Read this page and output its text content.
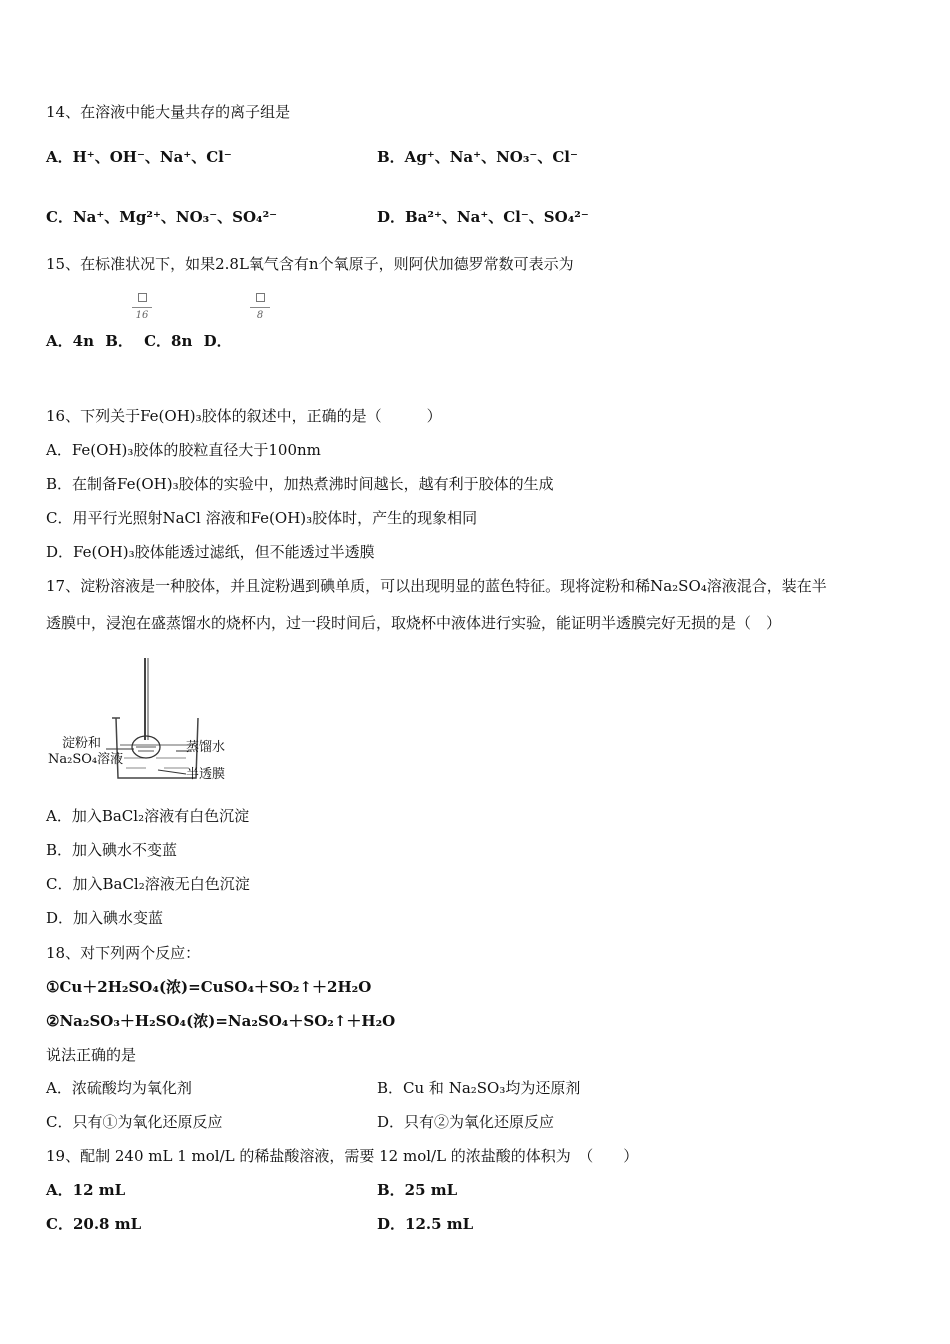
14、在溶液中能大量共存的离子组是
A．H⁺、OH⁻、Na⁺、Cl⁻	B．Ag⁺、Na⁺、NO₃⁻、Cl⁻
C．Na⁺、Mg²⁺、NO₃⁻、SO₄²⁻	D．Ba²⁺、Na⁺、Cl⁻、SO₄²⁻
15、在标准状况下，如果2.8L氧气含有n个氧原子，则阿伏加德罗常数可表示为
16	8
A．4n B． C．8n D．
16、下列关于Fe(OH)₃胶体的叙述中，正确的是（　　　）
A．Fe(OH)₃胶体的胶粒直径大于100nm
B．在制备Fe(OH)₃胶体的实验中，加热煮沸时间越长，越有利于胶体的生成
C．用平行光照射NaCl 溶液和Fe(OH)₃胶体时，产生的现象相同
D．Fe(OH)₃胶体能透过滤纸，但不能透过半透膜
17、淀粉溶液是一种胶体，并且淀粉遇到碘单质，可以出现明显的蓝色特征。现将淀粉和稀Na₂SO₄溶液混合，装在半
透膜中，浸泡在盛蒸馏水的烧杯内，过一段时间后，取烧杯中液体进行实验，能证明半透膜完好无损的是（　）
淀粉和
Na₂SO₄溶液
蒸馏水
半透膜
A．加入BaCl₂溶液有白色沉淀
B．加入碘水不变蓝
C．加入BaCl₂溶液无白色沉淀
D．加入碘水变蓝
18、对下列两个反应：
①Cu＋2H₂SO₄(浓)=CuSO₄＋SO₂↑＋2H₂O
②Na₂SO₃＋H₂SO₄(浓)=Na₂SO₄＋SO₂↑＋H₂O
说法正确的是
A．浓硫酸均为氧化剂	B．Cu 和 Na₂SO₃均为还原剂
C．只有①为氧化还原反应	D．只有②为氧化还原反应
19、配制 240 mL 1 mol/L 的稀盐酸溶液，需要 12 mol/L 的浓盐酸的体积为　（　　）
A．12 mL	B．25 mL
C．20.8 mL	D．12.5 mL
